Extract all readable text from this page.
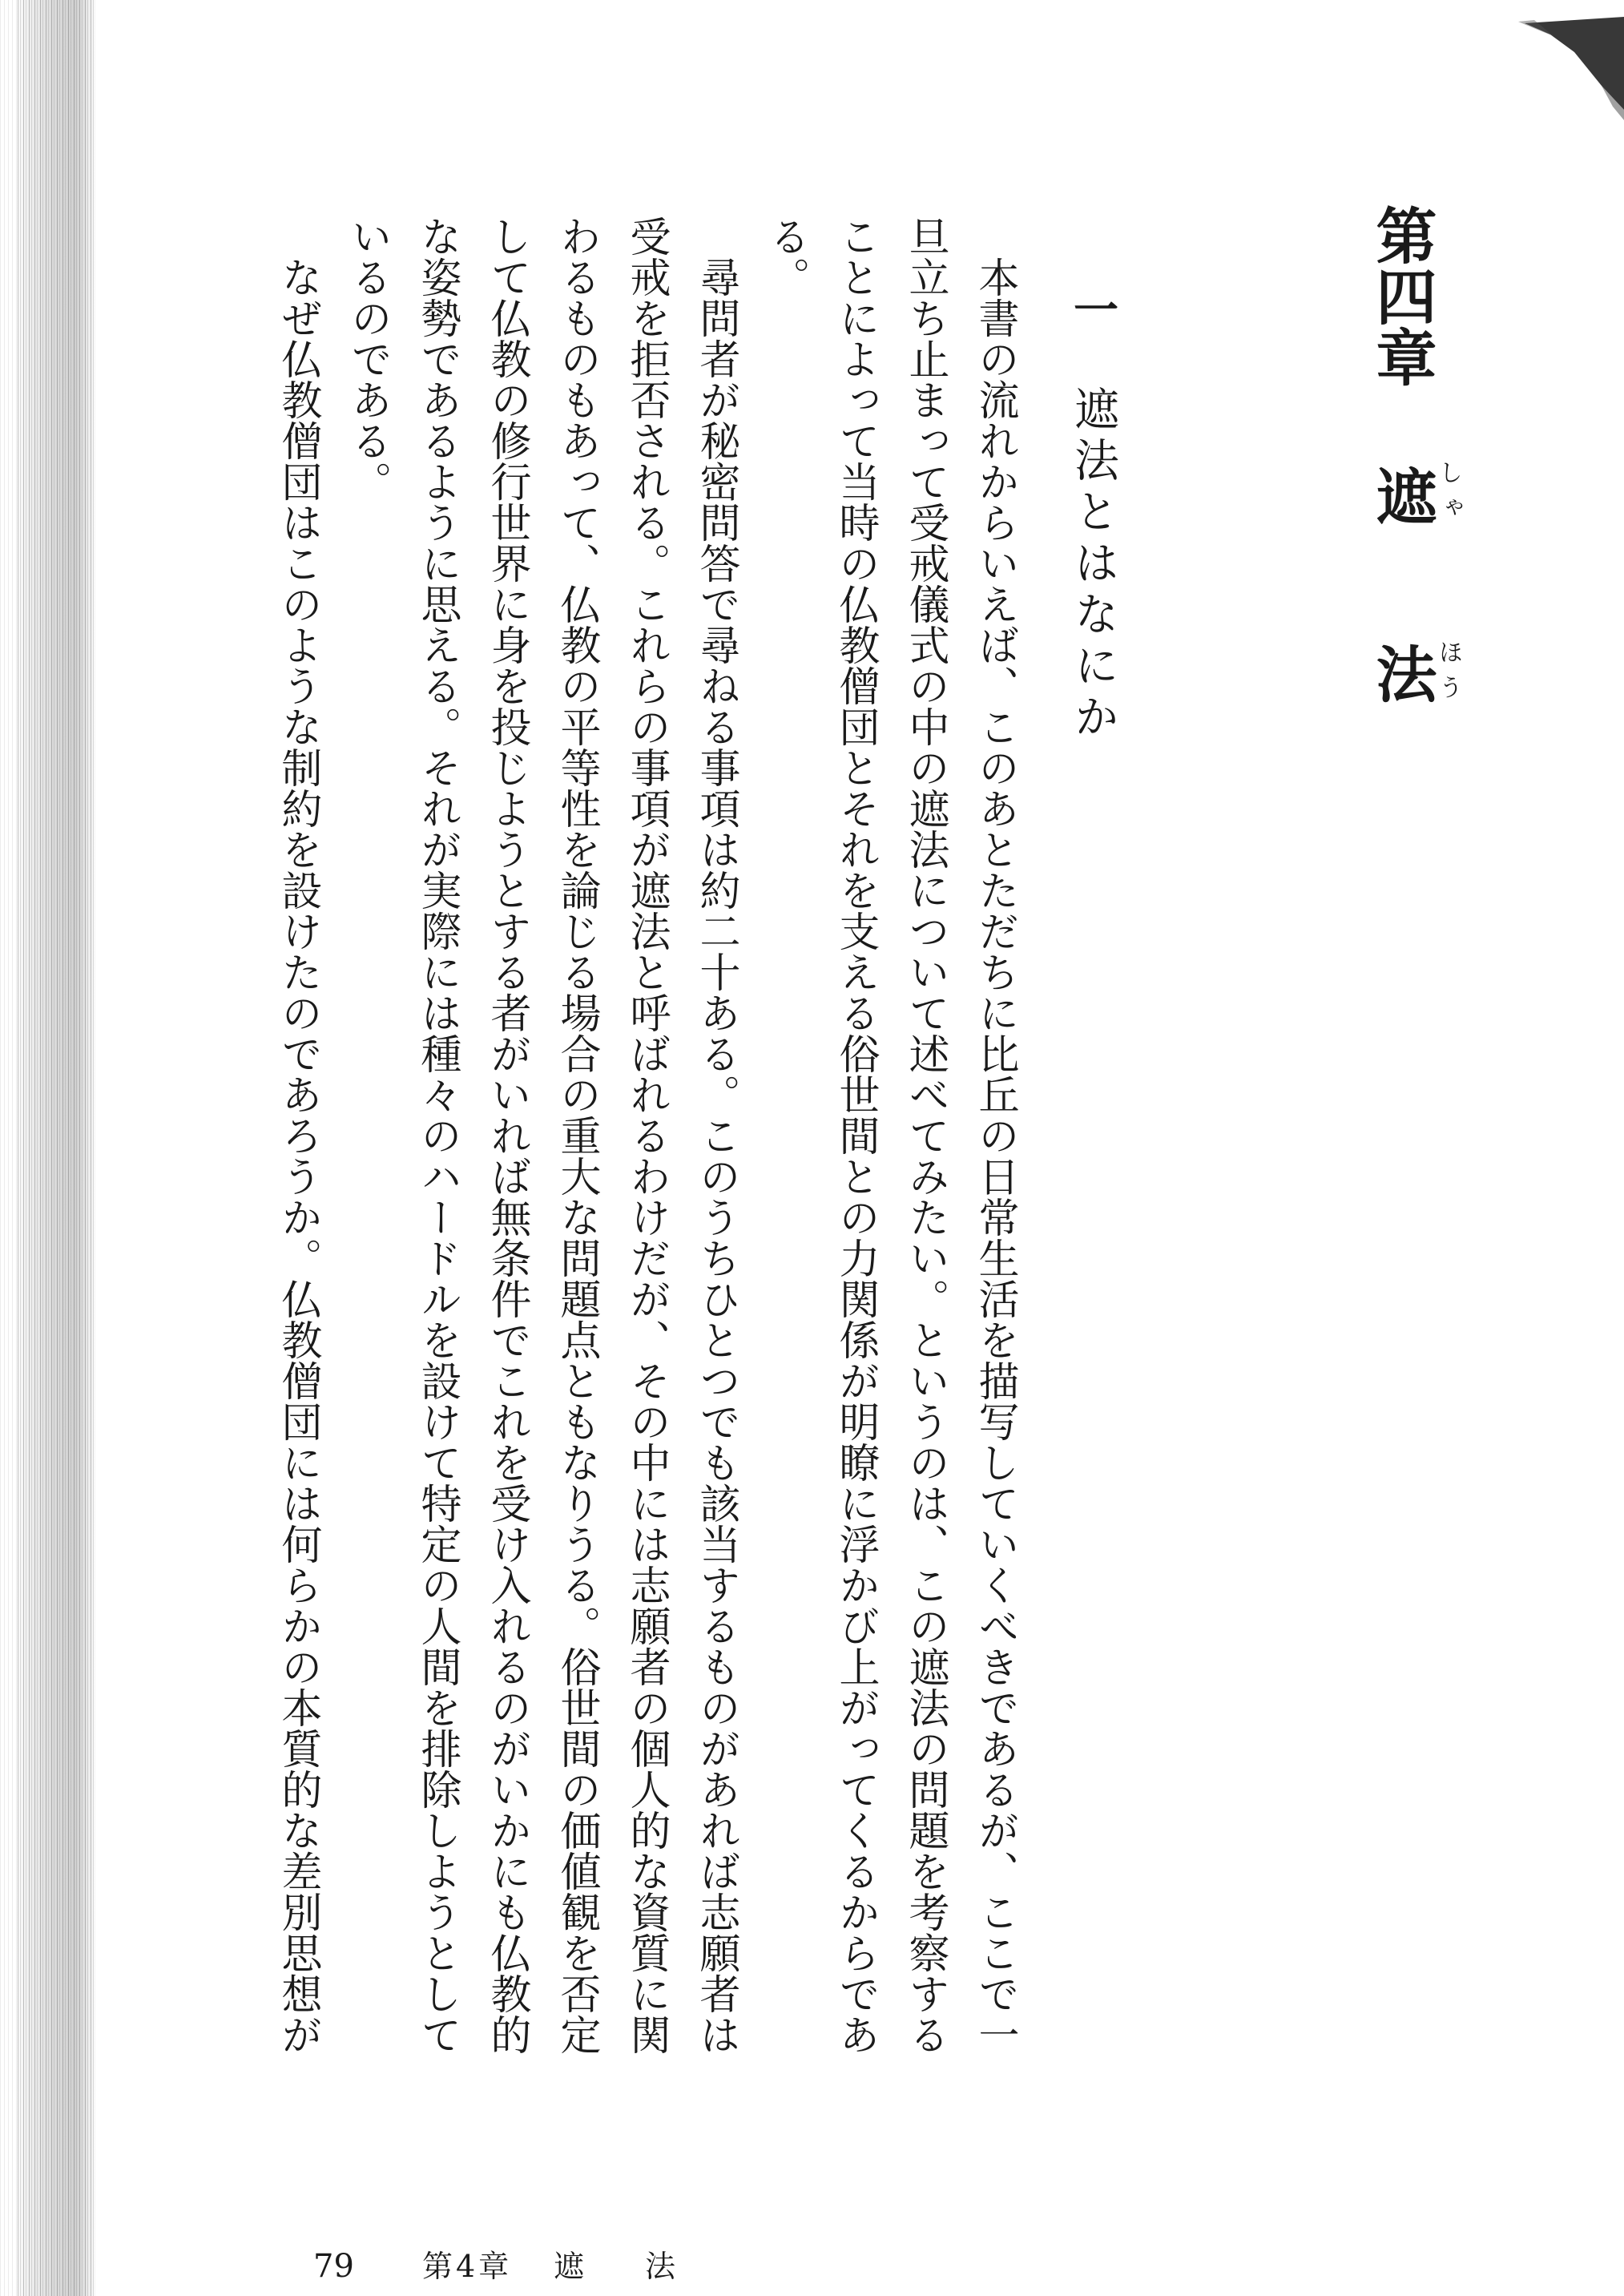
第四章
遮
しゃ
法
ほう
一
遮法とはなにか
本書の流れからいえば、このあとただちに比丘の日常生活を描写していくべきであるが、ここで一
旦立ち止まって受戒儀式の中の遮法について述べてみたい。というのは、この遮法の問題を考察する
ことによって当時の仏教僧団とそれを支える俗世間との力関係が明瞭に浮かび上がってくるからであ
る。
尋問者が秘密問答で尋ねる事項は約二十ある。このうちひとつでも該当するものがあれば志願者は
受戒を拒否される。これらの事項が遮法と呼ばれるわけだが、その中には志願者の個人的な資質に関
わるものもあって、仏教の平等性を論じる場合の重大な問題点ともなりうる。俗世間の価値観を否定
して仏教の修行世界に身を投じようとする者がいれば無条件でこれを受け入れるのがいかにも仏教的
な姿勢であるように思える。それが実際には種々のハードルを設けて特定の人間を排除しようとして
いるのである。
なぜ仏教僧団はこのような制約を設けたのであろうか。仏教僧団には何らかの本質的な差別思想が
79 第4章 遮　　法
